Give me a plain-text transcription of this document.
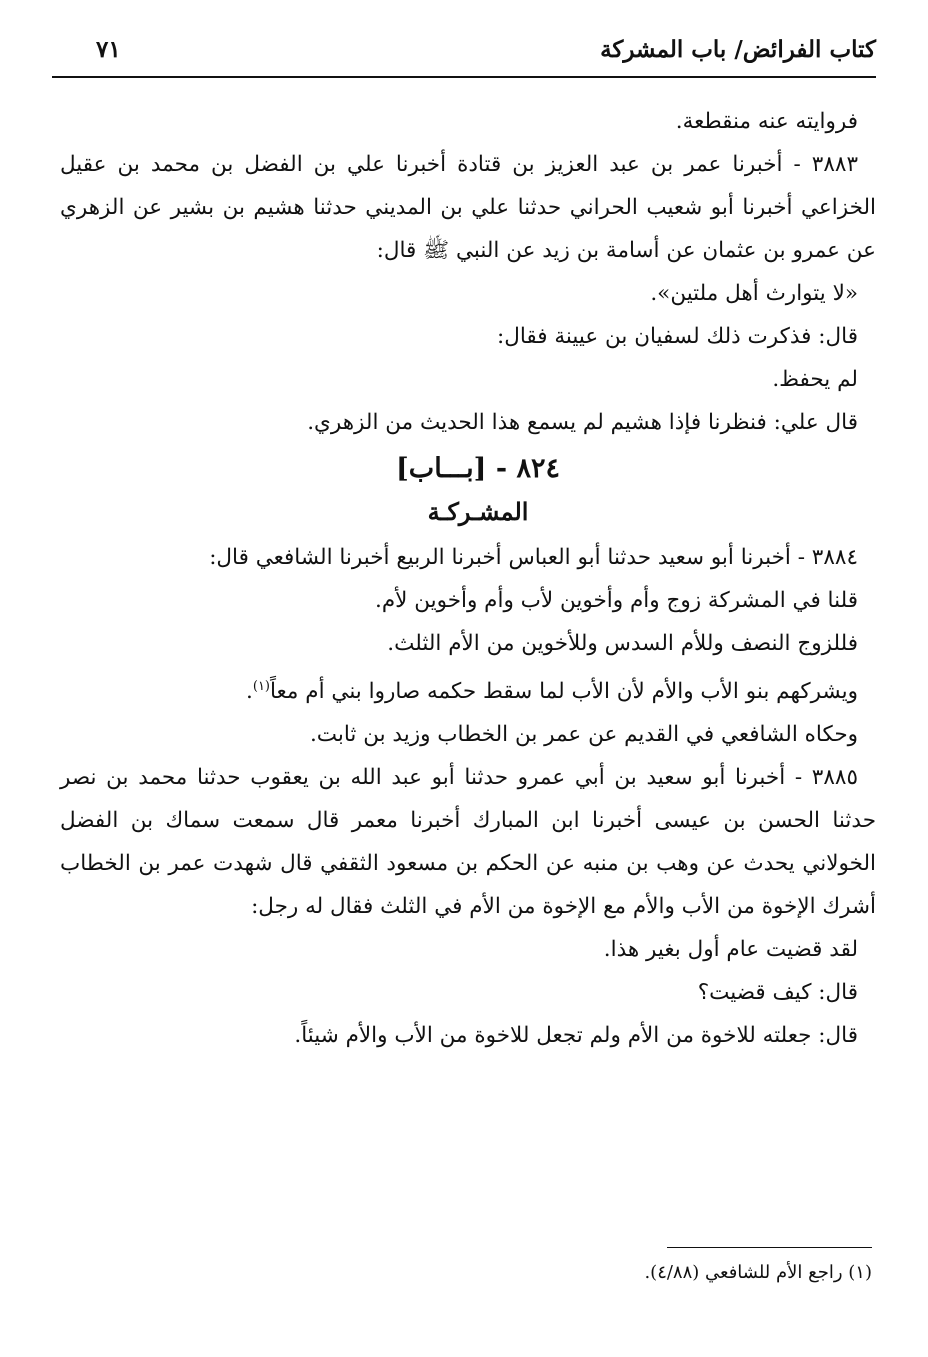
كتاب الفرائض/ باب المشركة
٧١

فروايته عنه منقطعة.

٣٨٨٣ - أخبرنا عمر بن عبد العزيز بن قتادة أخبرنا علي بن الفضل بن محمد بن عقيل الخزاعي أخبرنا أبو شعيب الحراني حدثنا علي بن المديني حدثنا هشيم بن بشير عن الزهري عن عمرو بن عثمان عن أسامة بن زيد عن النبي ﷺ قال:

«لا يتوارث أهل ملتين».

قال: فذكرت ذلك لسفيان بن عيينة فقال:

لم يحفظ.

قال علي: فنظرنا فإذا هشيم لم يسمع هذا الحديث من الزهري.

٨٢٤ - [بـــاب]

المشـركـة

٣٨٨٤ - أخبرنا أبو سعيد حدثنا أبو العباس أخبرنا الربيع أخبرنا الشافعي قال:

قلنا في المشركة زوج وأم وأخوين لأب وأم وأخوين لأم.

فللزوج النصف وللأم السدس وللأخوين من الأم الثلث.

ويشركهم بنو الأب والأم لأن الأب لما سقط حكمه صاروا بني أم معاً$^{(١)}$.

وحكاه الشافعي في القديم عن عمر بن الخطاب وزيد بن ثابت.

٣٨٨٥ - أخبرنا أبو سعيد بن أبي عمرو حدثنا أبو عبد الله بن يعقوب حدثنا محمد بن نصر حدثنا الحسن بن عيسى أخبرنا ابن المبارك أخبرنا معمر قال سمعت سماك بن الفضل الخولاني يحدث عن وهب بن منبه عن الحكم بن مسعود الثقفي قال شهدت عمر بن الخطاب أشرك الإخوة من الأب والأم مع الإخوة من الأم في الثلث فقال له رجل:

لقد قضيت عام أول بغير هذا.

قال: كيف قضيت؟

قال: جعلته للاخوة من الأم ولم تجعل للاخوة من الأب والأم شيئاً.

(١) راجع الأم للشافعي (٤/٨٨).
